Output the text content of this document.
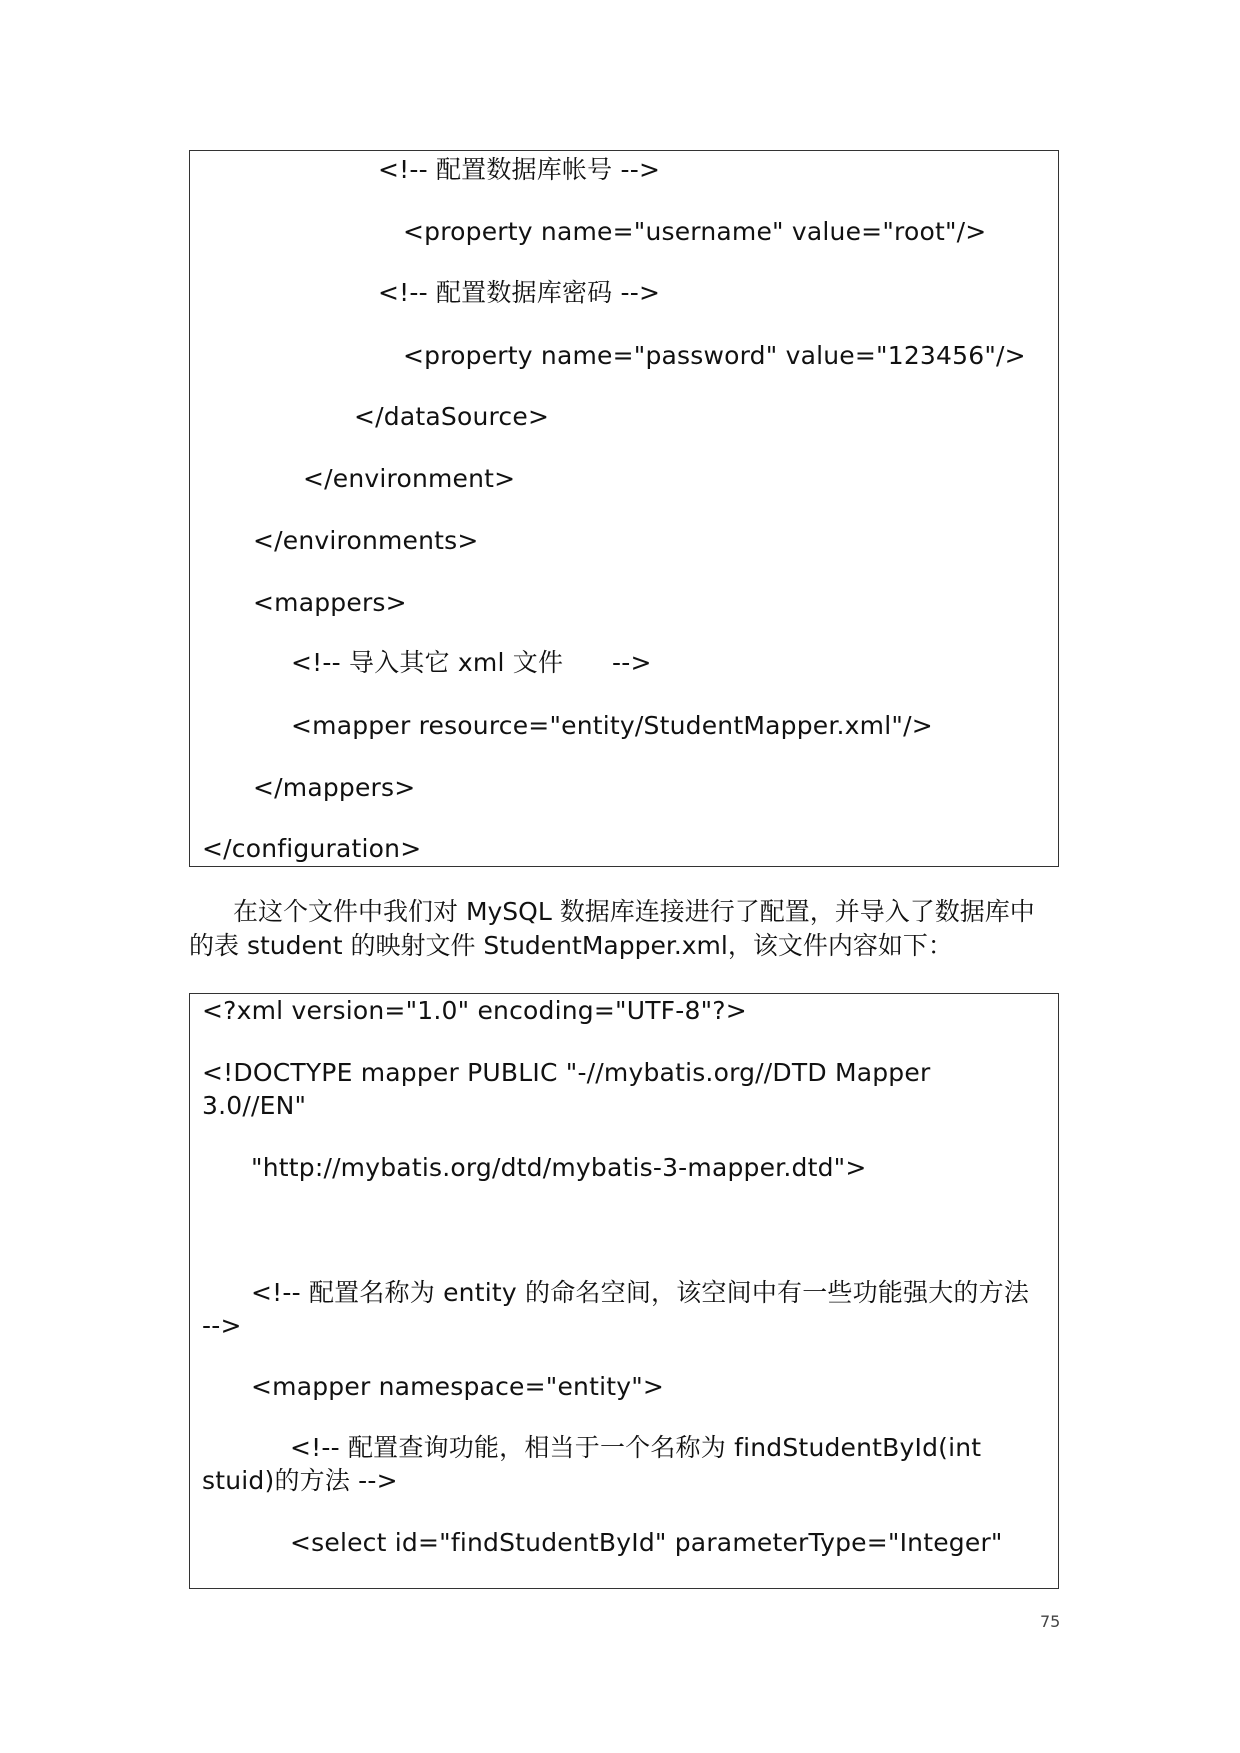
<!-- 配置数据库帐号 -->
<property name="username" value="root"/>
<!-- 配置数据库密码 -->
<property name="password" value="123456"/>
</dataSource>
</environment>
</environments>
<mappers>
<!-- 导入其它 xml 文件      -->
<mapper resource="entity/StudentMapper.xml"/>
</mappers>
</configuration>
在这个文件中我们对 MySQL 数据库连接进行了配置，并导入了数据库中
的表 student 的映射文件 StudentMapper.xml，该文件内容如下：
<?xml version="1.0" encoding="UTF-8"?>
<!DOCTYPE mapper PUBLIC "-//mybatis.org//DTD Mapper 3.0//EN"
"http://mybatis.org/dtd/mybatis-3-mapper.dtd">
<!-- 配置名称为 entity 的命名空间，该空间中有一些功能强大的方法 -->
<mapper namespace="entity">
<!-- 配置查询功能，相当于一个名称为 findStudentById(int stuid)的方法 -->
<select id="findStudentById" parameterType="Integer"
75
